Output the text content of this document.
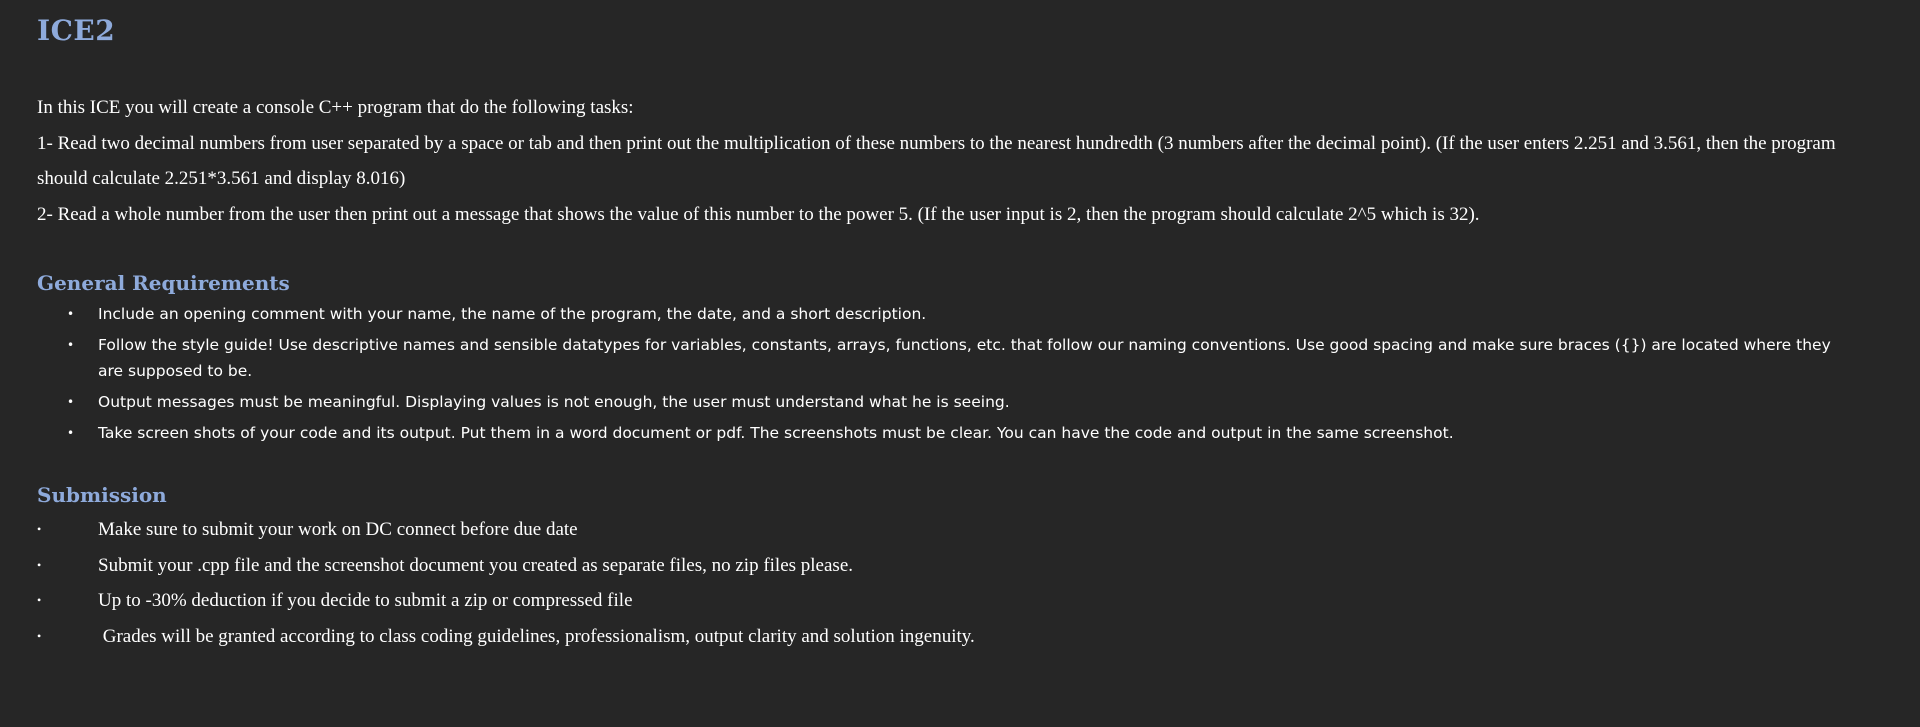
ICE2

In this ICE you will create a console C++ program that do the following tasks:

1- Read two decimal numbers from user separated by a space or tab and then print out the multiplication of these numbers to the nearest hundredth (3 numbers after the decimal point). (If the user enters 2.251 and 3.561, then the program should calculate 2.251*3.561 and display 8.016)

2- Read a whole number from the user then print out a message that shows the value of this number to the power 5. (If the user input is 2, then the program should calculate 2^5 which is 32).

General Requirements
• Include an opening comment with your name, the name of the program, the date, and a short description.
• Follow the style guide! Use descriptive names and sensible datatypes for variables, constants, arrays, functions, etc. that follow our naming conventions. Use good spacing and make sure braces ({}) are located where they are supposed to be.
• Output messages must be meaningful. Displaying values is not enough, the user must understand what he is seeing.
• Take screen shots of your code and its output. Put them in a word document or pdf. The screenshots must be clear. You can have the code and output in the same screenshot.
Submission
•	Make sure to submit your work on DC connect before due date
•	Submit your .cpp file and the screenshot document you created as separate files, no zip files please.
•	Up to -30% deduction if you decide to submit a zip or compressed file
•	Grades will be granted according to class coding guidelines, professionalism, output clarity and solution ingenuity.
